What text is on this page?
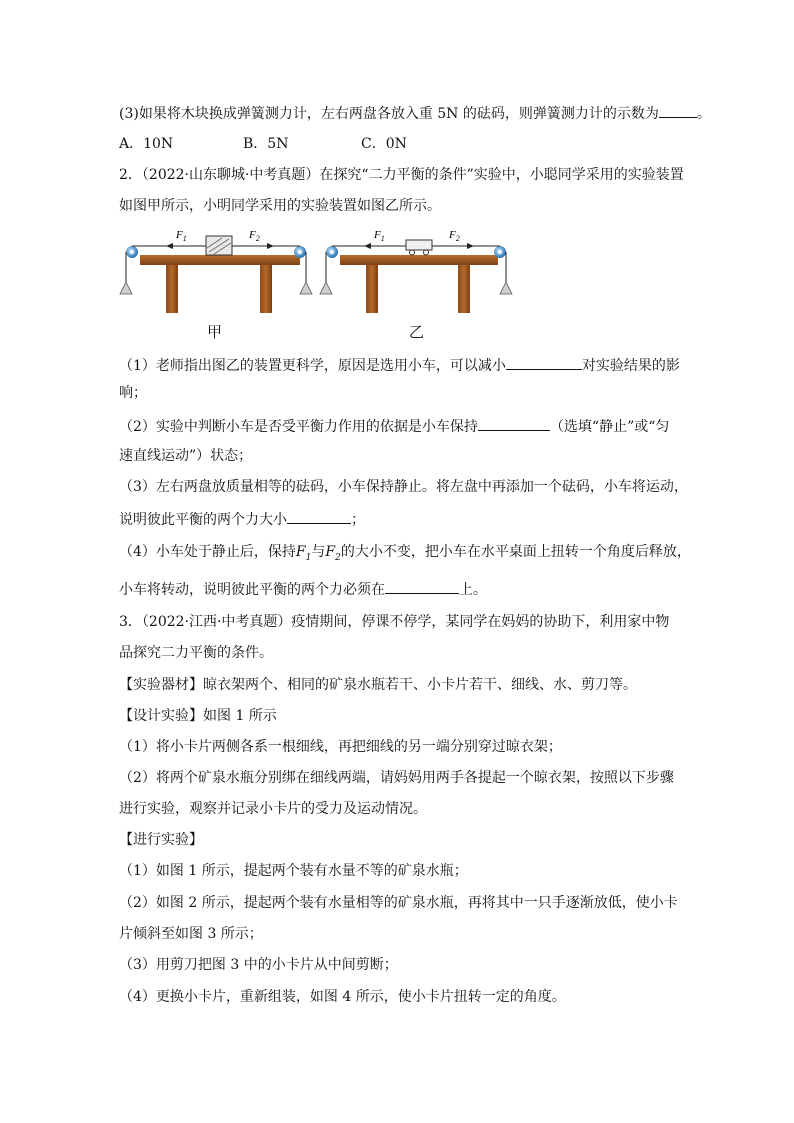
(3)如果将木块换成弹簧测力计，左右两盘各放入重 5N 的砝码，则弹簧测力计的示数为	。
A．10N	B．5N	C．0N
2．（2022·山东聊城·中考真题）在探究“二力平衡的条件”实验中，小聪同学采用的实验装置
如图甲所示，小明同学采用的实验装置如图乙所示。
$F_1$	$F_2$	$F_1$	$F_2$
甲	乙
（1）老师指出图乙的装置更科学，原因是选用小车，可以减小	对实验结果的影
响；
（2）实验中判断小车是否受平衡力作用的依据是小车保持	（选填“静止”或“匀
速直线运动”）状态；
（3）左右两盘放质量相等的砝码，小车保持静止。将左盘中再添加一个砝码，小车将运动，
说明彼此平衡的两个力大小	；
（4）小车处于静止后，保持$F_1$与$F_2$的大小不变，把小车在水平桌面上扭转一个角度后释放，
小车将转动，说明彼此平衡的两个力必须在	上。
3．（2022·江西·中考真题）疫情期间，停课不停学，某同学在妈妈的协助下，利用家中物
品探究二力平衡的条件。
【实验器材】晾衣架两个、相同的矿泉水瓶若干、小卡片若干、细线、水、剪刀等。
【设计实验】如图 1 所示
（1）将小卡片两侧各系一根细线，再把细线的另一端分别穿过晾衣架；
（2）将两个矿泉水瓶分别绑在细线两端，请妈妈用两手各提起一个晾衣架，按照以下步骤
进行实验，观察并记录小卡片的受力及运动情况。
【进行实验】
（1）如图 1 所示，提起两个装有水量不等的矿泉水瓶；
（2）如图 2 所示，提起两个装有水量相等的矿泉水瓶，再将其中一只手逐渐放低，使小卡
片倾斜至如图 3 所示；
（3）用剪刀把图 3 中的小卡片从中间剪断；
（4）更换小卡片，重新组装，如图 4 所示，使小卡片扭转一定的角度。
